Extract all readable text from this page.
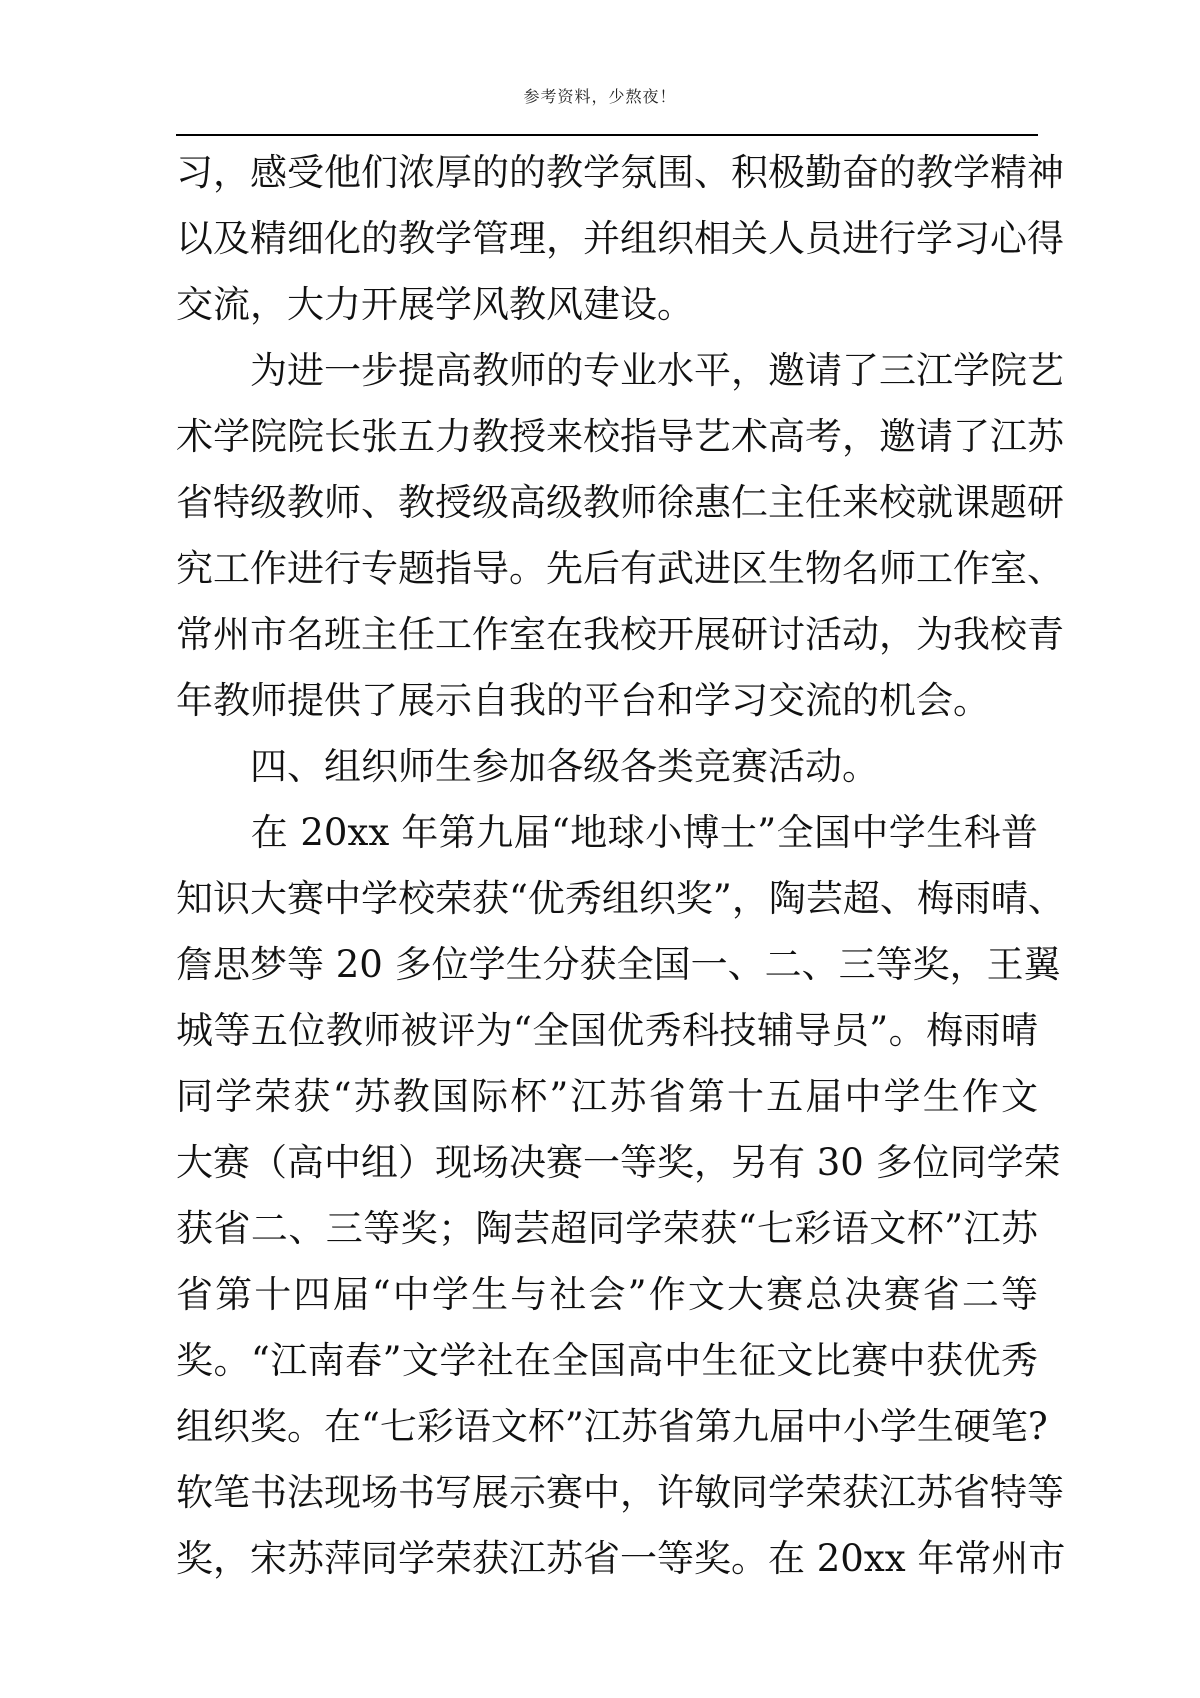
参考资料，少熬夜！
习，感受他们浓厚的的教学氛围、积极勤奋的教学精神
以及精细化的教学管理，并组织相关人员进行学习心得
交流，大力开展学风教风建设。
　　为进一步提高教师的专业水平，邀请了三江学院艺
术学院院长张五力教授来校指导艺术高考，邀请了江苏
省特级教师、教授级高级教师徐惠仁主任来校就课题研
究工作进行专题指导。先后有武进区生物名师工作室、
常州市名班主任工作室在我校开展研讨活动，为我校青
年教师提供了展示自我的平台和学习交流的机会。
　　四、组织师生参加各级各类竞赛活动。
　　在 20xx 年第九届“地球小博士”全国中学生科普
知识大赛中学校荣获“优秀组织奖”，陶芸超、梅雨晴、
詹思梦等 20 多位学生分获全国一、二、三等奖，王翼
城等五位教师被评为“全国优秀科技辅导员”。梅雨晴
同学荣获“苏教国际杯”江苏省第十五届中学生作文
大赛（高中组）现场决赛一等奖，另有 30 多位同学荣
获省二、三等奖；陶芸超同学荣获“七彩语文杯”江苏
省第十四届“中学生与社会”作文大赛总决赛省二等
奖。“江南春”文学社在全国高中生征文比赛中获优秀
组织奖。在“七彩语文杯”江苏省第九届中小学生硬笔?
软笔书法现场书写展示赛中，许敏同学荣获江苏省特等
奖，宋苏萍同学荣获江苏省一等奖。在 20xx 年常州市
